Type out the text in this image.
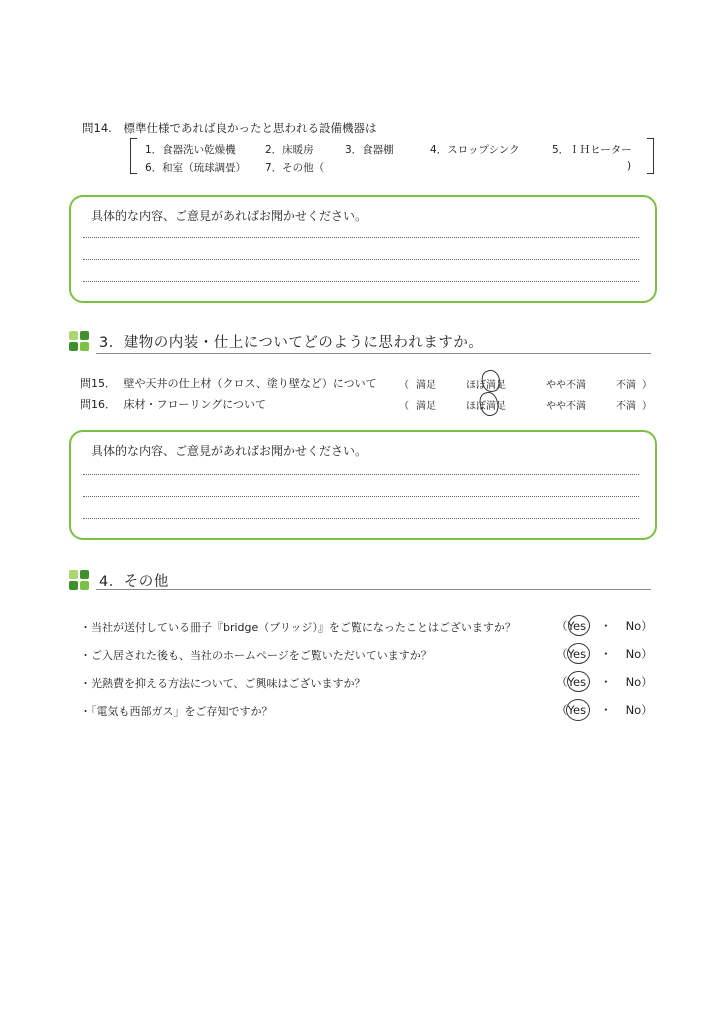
問14. 標準仕様であれば良かったと思われる設備機器は
1．食器洗い乾燥機	2．床暖房	3．食器棚	4．スロップシンク	5．ＩＨヒーター
6．和室（琉球調畳） 7．その他（	)
具体的な内容、ご意見があればお聞かせください。
3．建物の内装・仕上についてどのように思われますか。
問15． 壁や天井の仕上材（クロス、塗り壁など）について （ 満足	ほぼ満足	やや不満	不満 ）
問16． 床材・フローリングについて	（ 満足	ほぼ満足	やや不満	不満 ）
具体的な内容、ご意見があればお聞かせください。
4．その他
・当社が送付している冊子『bridge（ブリッジ）』をご覧になったことはございますか？	（Yes ・ No）
・ご入居された後も、当社のホームページをご覧いただいていますか？	（Yes ・ No）
・光熱費を抑える方法について、ご興味はございますか？	（Yes ・ No）
・「電気も西部ガス」をご存知ですか？	（Yes ・ No）
